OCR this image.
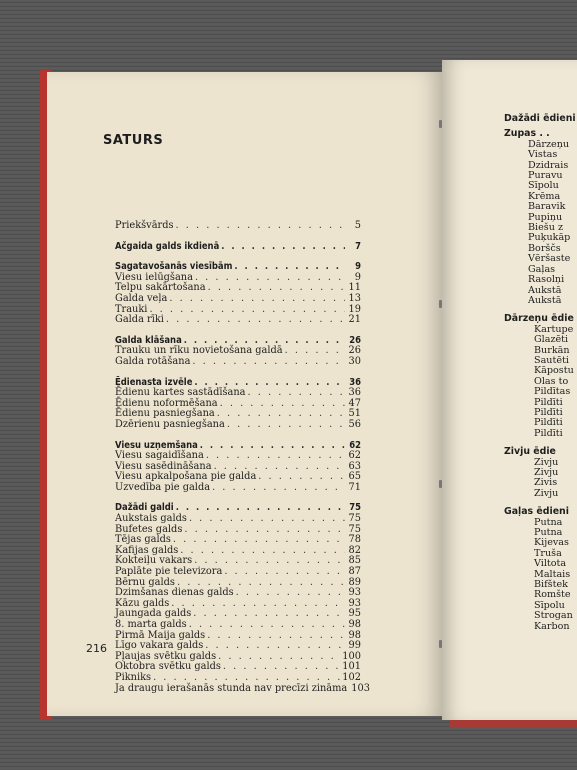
Dažādi ēdieni
Zupas . .
Dārzeņu
Vistas
Dzidrais
Puravu
Sīpolu
Krēma
Baravik
Pupiņu
Biešu z
Puķukāp
Borščs
Vēršaste
Gaļas
Rasolņi
Aukstā
Aukstā
Dārzeņu ēdie
Kartupe
Glazēti
Burkān
Sautēti
Kāpostu
Olas to
Pildītas
Pildīti
Pildīti
Pildīti
Pildīti
Zivju ēdie
Zivju
Zivju
Zivis
Zivju
Gaļas ēdieni
Putna
Putna
Kijevas
Trušа
Viltota
Maltais
Bifštek
Romšte
Sīpolu
Strogan
Karbon
SATURS
Priekšvārds . . .	5
Ačgaida galds ikdienā . . .	7
Sagatavošanās viesībām . . .	9
Viesu ielūgšana . . .	9
Telpu sakārtošana . . .	11
Galda veļa . . .	13
Trauki . . .	19
Galda rīki . . .	21
Galda klāšana . . .	26
Trauku un rīku novietošana galdā . . .	26
Galda rotāšana . . .	30
Ēdienasta izvēle . . .	36
Ēdienu kartes sastādīšana . . .	36
Ēdienu noformēšana . . .	47
Ēdienu pasniegšana . . .	51
Dzērienu pasniegšana . . .	56
Viesu uzņemšana . . .	62
Viesu sagaidīšana . . .	62
Viesu sasēdināšana . . .	63
Viesu apkalpošana pie galda . . .	65
Uzvedība pie galda . . .	71
Dažādi galdi . . .	75
Aukstais galds . . .	75
Bufetes galds . . .	75
Tējas galds . . .	78
Kafijas galds . . .	82
Kokteiļu vakars . . .	85
Paplāte pie televizora . . .	87
Bērnu galds . . .	89
Dzimšanas dienas galds . . .	93
Kāzu galds . . .	93
Jaungada galds . . .	95
8. marta galds . . .	98
Pirmā Maija galds . . .	98
Līgo vakara galds . . .	99
Pļaujas svētku galds . . .	100
Oktobra svētku galds . . .	101
Pikniks . . .	102
Ja draugu ierašanās stunda nav precīzi zināma 103
216
